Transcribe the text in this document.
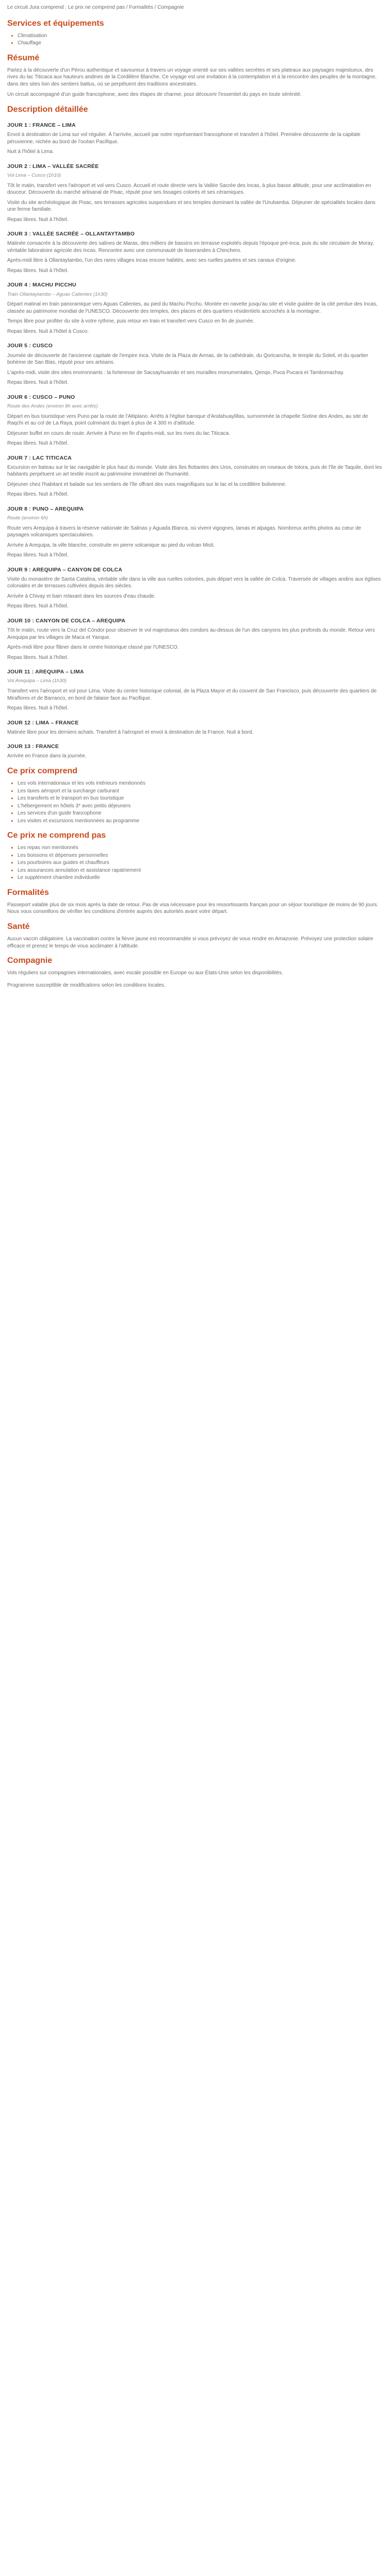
Le circuit Jura comprend : Le prix ne comprend pas / Formalités / Compagnie

Services et équipements
• Climatisation
• Chauffage
Résumé

Partez à la découverte d'un Pérou authentique et savoureux à travers un voyage orienté sur ses vallées secrètes et ses plateaux aux paysages majestueux, des rives du lac Titicaca aux hauteurs andines de la Cordillère Blanche. Ce voyage est une invitation à la contemplation et à la rencontre des peuples de la montagne, dans des sites loin des sentiers battus, où se perpétuent des traditions ancestrales.

Un circuit accompagné d'un guide francophone, avec des étapes de charme, pour découvrir l'essentiel du pays en toute sérénité.

Description détaillée
JOUR 1 : FRANCE – LIMA

Envol à destination de Lima sur vol régulier. À l'arrivée, accueil par notre représentant francophone et transfert à l'hôtel. Première découverte de la capitale péruvienne, nichée au bord de l'océan Pacifique.

Nuit à l'hôtel à Lima.

JOUR 2 : LIMA – VALLÉE SACRÉE

Vol Lima – Cusco (1h10)

Tôt le matin, transfert vers l'aéroport et vol vers Cusco. Accueil et route directe vers la Vallée Sacrée des Incas, à plus basse altitude, pour une acclimatation en douceur. Découverte du marché artisanal de Pisac, réputé pour ses tissages colorés et ses céramiques.

Visite du site archéologique de Pisac, ses terrasses agricoles suspendues et ses temples dominant la vallée de l'Urubamba. Déjeuner de spécialités locales dans une ferme familiale.

Repas libres. Nuit à l'hôtel.

JOUR 3 : VALLÉE SACRÉE – OLLANTAYTAMBO

Matinée consacrée à la découverte des salines de Maras, des milliers de bassins en terrasse exploités depuis l'époque pré-inca, puis du site circulaire de Moray, véritable laboratoire agricole des Incas. Rencontre avec une communauté de tisserandes à Chinchero.

Après-midi libre à Ollantaytambo, l'un des rares villages incas encore habités, avec ses ruelles pavées et ses canaux d'origine.

Repas libres. Nuit à l'hôtel.

JOUR 4 : MACHU PICCHU

Train Ollantaytambo – Aguas Calientes (1h30)

Départ matinal en train panoramique vers Aguas Calientes, au pied du Machu Picchu. Montée en navette jusqu'au site et visite guidée de la cité perdue des Incas, classée au patrimoine mondial de l'UNESCO. Découverte des temples, des places et des quartiers résidentiels accrochés à la montagne.

Temps libre pour profiter du site à votre rythme, puis retour en train et transfert vers Cusco en fin de journée.

Repas libres. Nuit à l'hôtel à Cusco.

JOUR 5 : CUSCO

Journée de découverte de l'ancienne capitale de l'empire inca. Visite de la Plaza de Armas, de la cathédrale, du Qoricancha, le temple du Soleil, et du quartier bohème de San Blas, réputé pour ses artisans.

L'après-midi, visite des sites environnants : la forteresse de Sacsayhuamán et ses murailles monumentales, Qenqo, Puca Pucara et Tambomachay.

Repas libres. Nuit à l'hôtel.

JOUR 6 : CUSCO – PUNO

Route des Andes (environ 8h avec arrêts)

Départ en bus touristique vers Puno par la route de l'Altiplano. Arrêts à l'église baroque d'Andahuaylillas, surnommée la chapelle Sixtine des Andes, au site de Raqchi et au col de La Raya, point culminant du trajet à plus de 4 300 m d'altitude.

Déjeuner buffet en cours de route. Arrivée à Puno en fin d'après-midi, sur les rives du lac Titicaca.

Repas libres. Nuit à l'hôtel.

JOUR 7 : LAC TITICACA

Excursion en bateau sur le lac navigable le plus haut du monde. Visite des îles flottantes des Uros, construites en roseaux de totora, puis de l'île de Taquile, dont les habitants perpétuent un art textile inscrit au patrimoine immatériel de l'humanité.

Déjeuner chez l'habitant et balade sur les sentiers de l'île offrant des vues magnifiques sur le lac et la cordillère bolivienne.

Repas libres. Nuit à l'hôtel.

JOUR 8 : PUNO – AREQUIPA

Route (environ 6h)

Route vers Arequipa à travers la réserve nationale de Salinas y Aguada Blanca, où vivent vigognes, lamas et alpagas. Nombreux arrêts photos au cœur de paysages volcaniques spectaculaires.

Arrivée à Arequipa, la ville blanche, construite en pierre volcanique au pied du volcan Misti.

Repas libres. Nuit à l'hôtel.

JOUR 9 : AREQUIPA – CANYON DE COLCA

Visite du monastère de Santa Catalina, véritable ville dans la ville aux ruelles colorées, puis départ vers la vallée de Colca. Traversée de villages andins aux églises coloniales et de terrasses cultivées depuis des siècles.

Arrivée à Chivay et bain relaxant dans les sources d'eau chaude.

Repas libres. Nuit à l'hôtel.

JOUR 10 : CANYON DE COLCA – AREQUIPA

Tôt le matin, route vers la Cruz del Cóndor pour observer le vol majestueux des condors au-dessus de l'un des canyons les plus profonds du monde. Retour vers Arequipa par les villages de Maca et Yanque.

Après-midi libre pour flâner dans le centre historique classé par l'UNESCO.

Repas libres. Nuit à l'hôtel.

JOUR 11 : AREQUIPA – LIMA

Vol Arequipa – Lima (1h30)

Transfert vers l'aéroport et vol pour Lima. Visite du centre historique colonial, de la Plaza Mayor et du couvent de San Francisco, puis découverte des quartiers de Miraflores et de Barranco, en bord de falaise face au Pacifique.

Repas libres. Nuit à l'hôtel.

JOUR 12 : LIMA – FRANCE

Matinée libre pour les derniers achats. Transfert à l'aéroport et envol à destination de la France. Nuit à bord.

JOUR 13 : FRANCE

Arrivée en France dans la journée.

Ce prix comprend
• Les vols internationaux et les vols intérieurs mentionnés
• Les taxes aéroport et la surcharge carburant
• Les transferts et le transport en bus touristique
• L'hébergement en hôtels 3* avec petits déjeuners
• Les services d'un guide francophone
• Les visites et excursions mentionnées au programme
Ce prix ne comprend pas
• Les repas non mentionnés
• Les boissons et dépenses personnelles
• Les pourboires aux guides et chauffeurs
• Les assurances annulation et assistance rapatriement
• Le supplément chambre individuelle
Formalités

Passeport valable plus de six mois après la date de retour. Pas de visa nécessaire pour les ressortissants français pour un séjour touristique de moins de 90 jours. Nous vous conseillons de vérifier les conditions d'entrée auprès des autorités avant votre départ.

Santé

Aucun vaccin obligatoire. La vaccination contre la fièvre jaune est recommandée si vous prévoyez de vous rendre en Amazonie. Prévoyez une protection solaire efficace et prenez le temps de vous acclimater à l'altitude.

Compagnie

Vols réguliers sur compagnies internationales, avec escale possible en Europe ou aux États-Unis selon les disponibilités.

Programme susceptible de modifications selon les conditions locales.
